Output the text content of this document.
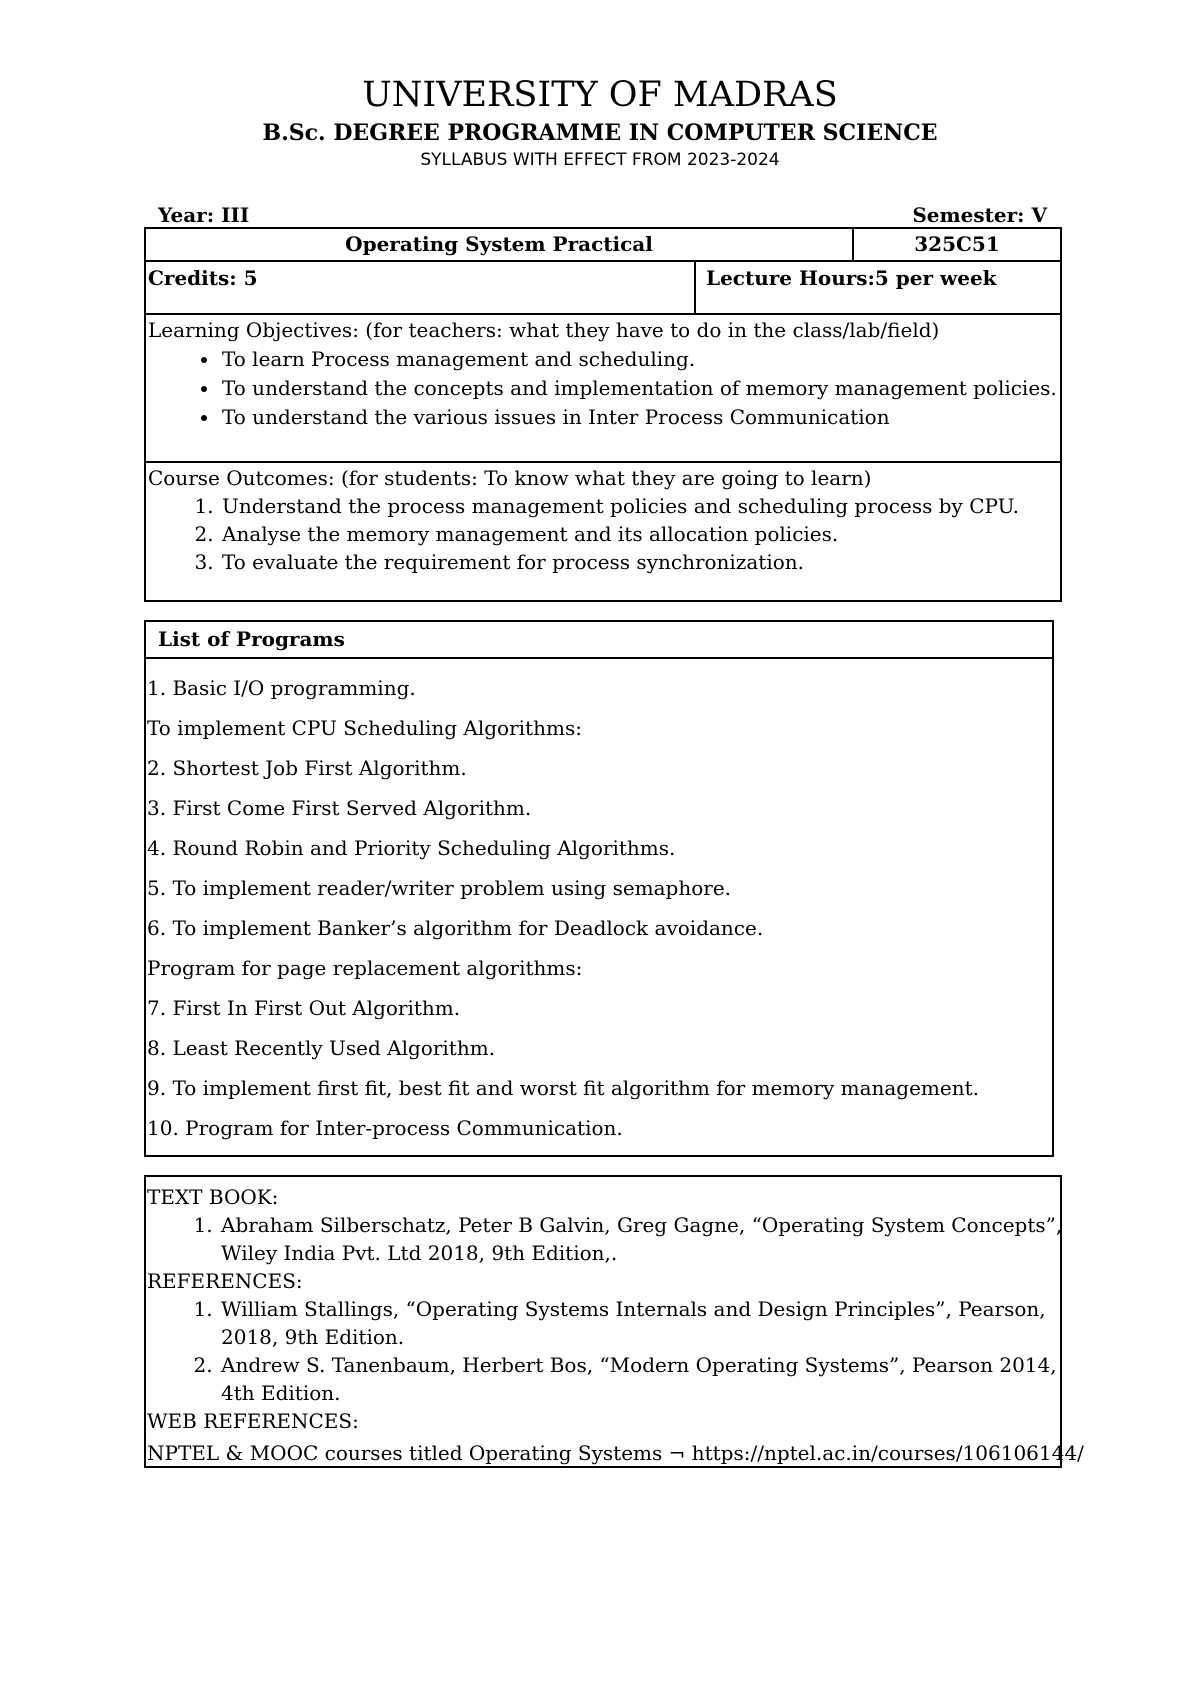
UNIVERSITY OF MADRAS
B.Sc. DEGREE PROGRAMME IN COMPUTER SCIENCE
SYLLABUS WITH EFFECT FROM 2023-2024
Year: III	Semester: V
Operating System Practical	325C51
Credits: 5	Lecture Hours:5 per week
Learning Objectives: (for teachers: what they have to do in the class/lab/field)
• To learn Process management and scheduling.
• To understand the concepts and implementation of memory management policies.
• To understand the various issues in Inter Process Communication
Course Outcomes: (for students: To know what they are going to learn)
1. Understand the process management policies and scheduling process by CPU.
2. Analyse the memory management and its allocation policies.
3. To evaluate the requirement for process synchronization.
List of Programs
1. Basic I/O programming.
To implement CPU Scheduling Algorithms:
2. Shortest Job First Algorithm.
3. First Come First Served Algorithm.
4. Round Robin and Priority Scheduling Algorithms.
5. To implement reader/writer problem using semaphore.
6. To implement Banker’s algorithm for Deadlock avoidance.
Program for page replacement algorithms:
7. First In First Out Algorithm.
8. Least Recently Used Algorithm.
9. To implement first fit, best fit and worst fit algorithm for memory management.
10. Program for Inter-process Communication.
TEXT BOOK:
1. Abraham Silberschatz, Peter B Galvin, Greg Gagne, “Operating System Concepts”, Wiley India Pvt. Ltd 2018, 9th Edition,.
REFERENCES:
1. William Stallings, “Operating Systems Internals and Design Principles”, Pearson, 2018, 9th Edition.
2. Andrew S. Tanenbaum, Herbert Bos, “Modern Operating Systems”, Pearson 2014, 4th Edition.
WEB REFERENCES:
NPTEL & MOOC courses titled Operating Systems ¬ https://nptel.ac.in/courses/106106144/
